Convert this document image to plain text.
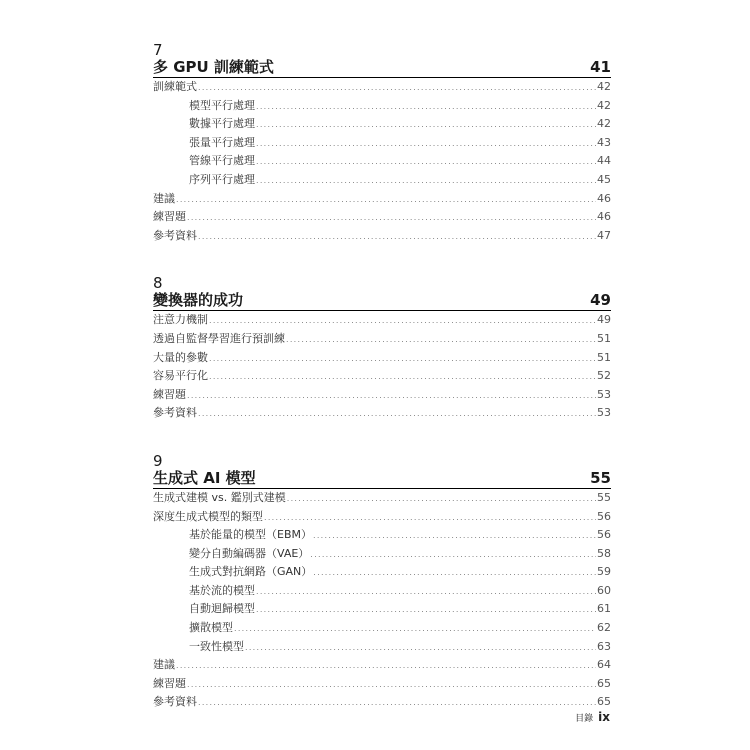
7
多 GPU 訓練範式	41
訓練範式 .....	42
模型平行處理 .....	42
數據平行處理 .....	42
張量平行處理 .....	43
管線平行處理 .....	44
序列平行處理 .....	45
建議 .....	46
練習題 .....	46
參考資料 .....	47
8
變換器的成功	49
注意力機制 .....	49
透過自監督學習進行預訓練 .....	51
大量的參數 .....	51
容易平行化 .....	52
練習題 .....	53
參考資料 .....	53
9
生成式 AI 模型	55
生成式建模 vs. 鑑別式建模 .....	55
深度生成式模型的類型 .....	56
基於能量的模型（EBM） .....	56
變分自動編碼器（VAE） .....	58
生成式對抗網路（GAN） .....	59
基於流的模型 .....	60
自動迴歸模型 .....	61
擴散模型 .....	62
一致性模型 .....	63
建議 .....	64
練習題 .....	65
參考資料 .....	65
目錄 ix
